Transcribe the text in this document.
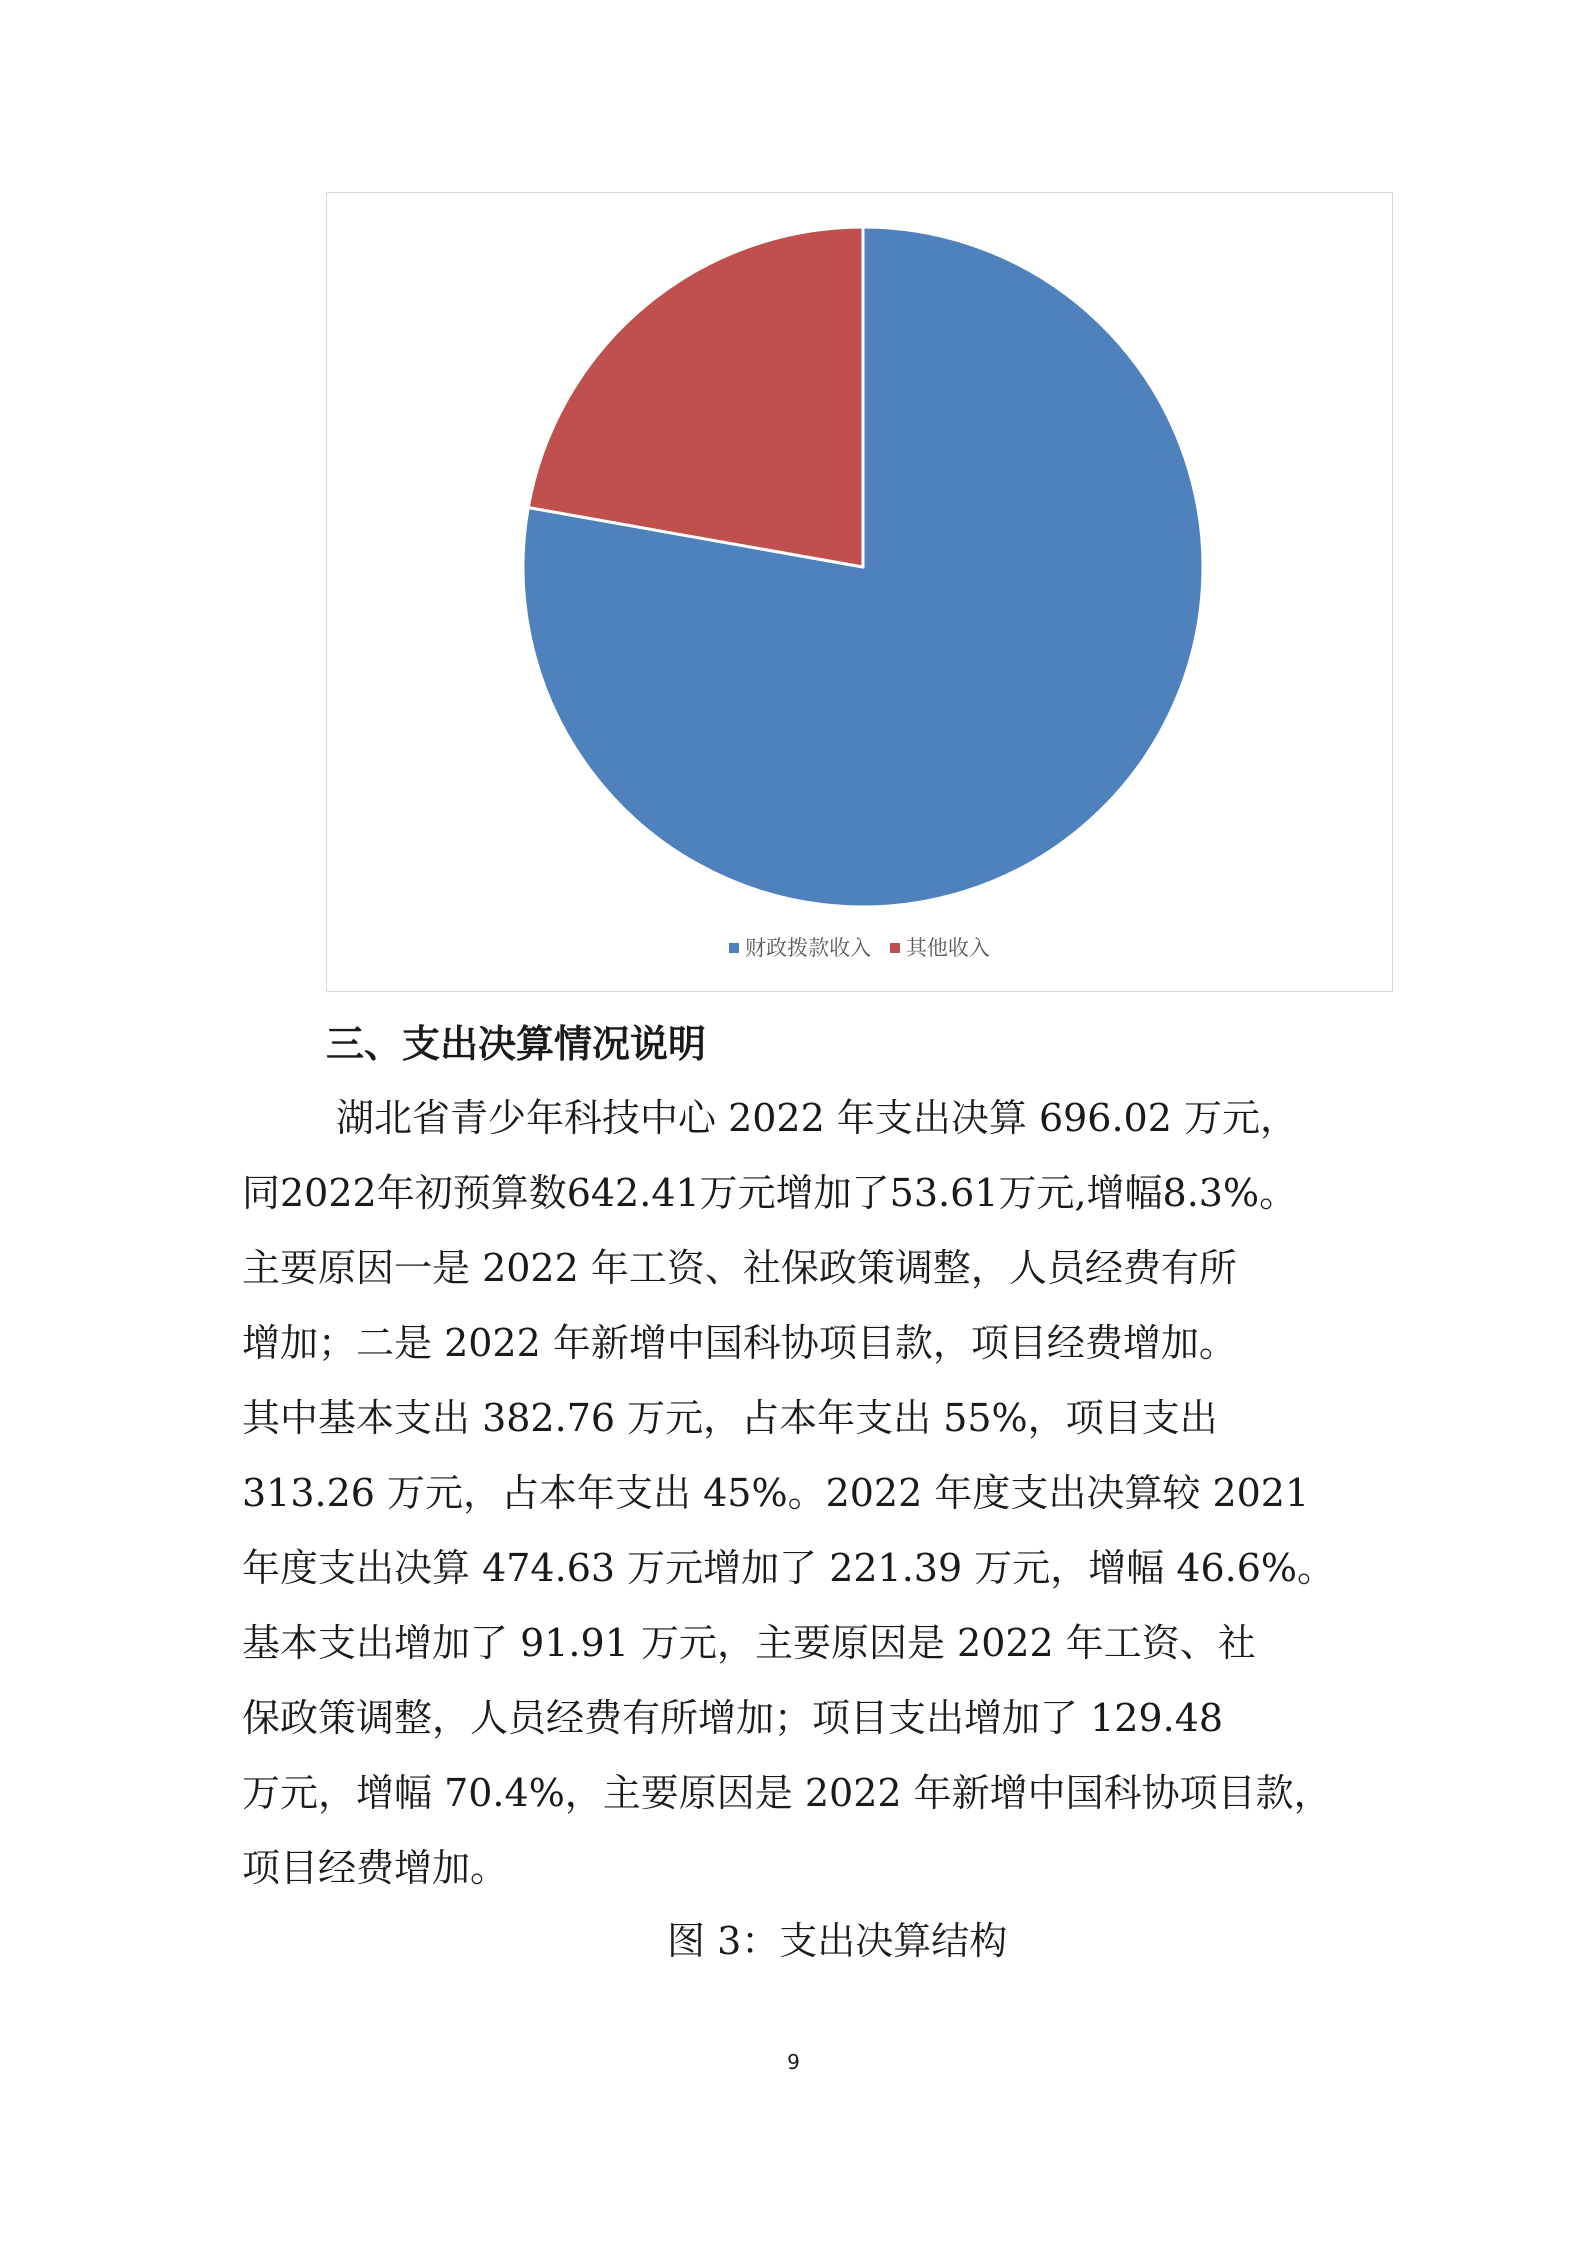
财政拨款收入 其他收入
三、支出决算情况说明
湖北省青少年科技中心 2022 年支出决算 696.02 万元，
同2022年初预算数642.41万元增加了53.61万元,增幅8.3%。
主要原因一是 2022 年工资、社保政策调整，人员经费有所
增加；二是 2022 年新增中国科协项目款，项目经费增加。
其中基本支出 382.76 万元，占本年支出 55%，项目支出
313.26 万元，占本年支出 45%。2022 年度支出决算较 2021
年度支出决算 474.63 万元增加了 221.39 万元，增幅 46.6%。
基本支出增加了 91.91 万元，主要原因是 2022 年工资、社
保政策调整，人员经费有所增加；项目支出增加了 129.48
万元，增幅 70.4%，主要原因是 2022 年新增中国科协项目款，
项目经费增加。
图 3：支出决算结构
9
